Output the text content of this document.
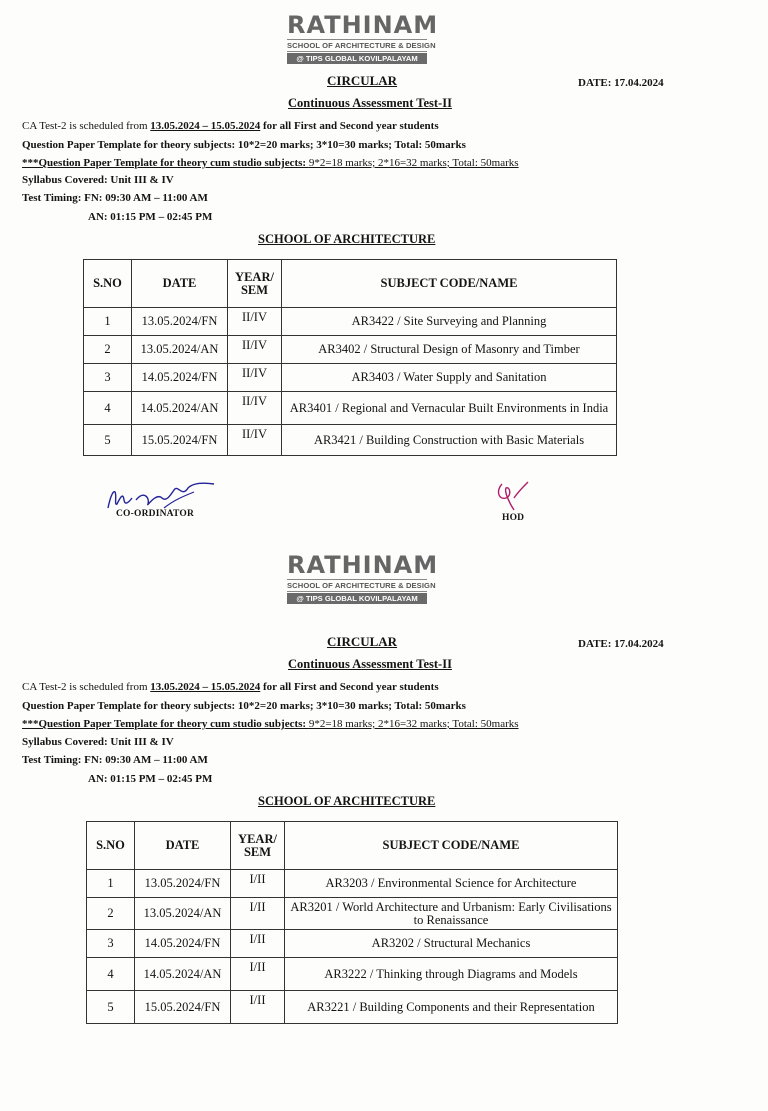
RATHINAM
SCHOOL OF ARCHITECTURE & DESIGN
@ TIPS GLOBAL KOVILPALAYAM
CIRCULAR	DATE: 17.04.2024
Continuous Assessment Test-II
CA Test-2 is scheduled from 13.05.2024 – 15.05.2024 for all First and Second year students
Question Paper Template for theory subjects: 10*2=20 marks; 3*10=30 marks; Total: 50marks
***Question Paper Template for theory cum studio subjects: 9*2=18 marks; 2*16=32 marks; Total: 50marks
Syllabus Covered: Unit III & IV
Test Timing: FN: 09:30 AM – 11:00 AM
AN: 01:15 PM – 02:45 PM
SCHOOL OF ARCHITECTURE
S.NO	DATE	YEAR/ SEM	SUBJECT CODE/NAME
1	13.05.2024/FN	II/IV	AR3422 / Site Surveying and Planning
2	13.05.2024/AN	II/IV	AR3402 / Structural Design of Masonry and Timber
3	14.05.2024/FN	II/IV	AR3403 / Water Supply and Sanitation
4	14.05.2024/AN	II/IV	AR3401 / Regional and Vernacular Built Environments in India
5	15.05.2024/FN	II/IV	AR3421 / Building Construction with Basic Materials
CO-ORDINATOR	HOD
RATHINAM
SCHOOL OF ARCHITECTURE & DESIGN
@ TIPS GLOBAL KOVILPALAYAM
CIRCULAR	DATE: 17.04.2024
Continuous Assessment Test-II
CA Test-2 is scheduled from 13.05.2024 – 15.05.2024 for all First and Second year students
Question Paper Template for theory subjects: 10*2=20 marks; 3*10=30 marks; Total: 50marks
***Question Paper Template for theory cum studio subjects: 9*2=18 marks; 2*16=32 marks; Total: 50marks
Syllabus Covered: Unit III & IV
Test Timing: FN: 09:30 AM – 11:00 AM
AN: 01:15 PM – 02:45 PM
SCHOOL OF ARCHITECTURE
S.NO	DATE	YEAR/ SEM	SUBJECT CODE/NAME
1	13.05.2024/FN	I/II	AR3203 / Environmental Science for Architecture
2	13.05.2024/AN	I/II	AR3201 / World Architecture and Urbanism: Early Civilisations to Renaissance
3	14.05.2024/FN	I/II	AR3202 / Structural Mechanics
4	14.05.2024/AN	I/II	AR3222 / Thinking through Diagrams and Models
5	15.05.2024/FN	I/II	AR3221 / Building Components and their Representation
